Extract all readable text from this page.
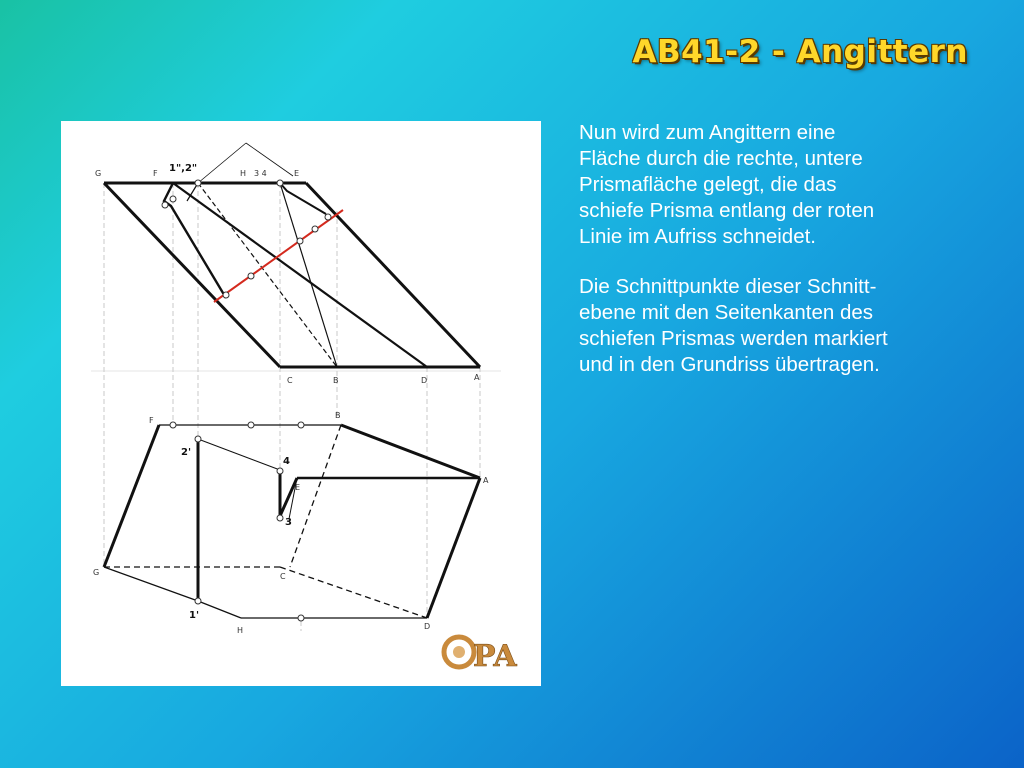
AB41-2 - Angittern
G	F 1",2"	H 3 4	E
C	B	D	A
F
B
2'
4
E
A
3
G	C
1'
H	D
PA

Nun wird zum Angittern eine
Fläche durch die rechte, untere
Prismafläche gelegt, die das
schiefe Prisma entlang der roten
Linie im Aufriss schneidet.

Die Schnittpunkte dieser Schnitt-
ebene mit den Seitenkanten des
schiefen Prismas werden markiert
und in den Grundriss übertragen.
